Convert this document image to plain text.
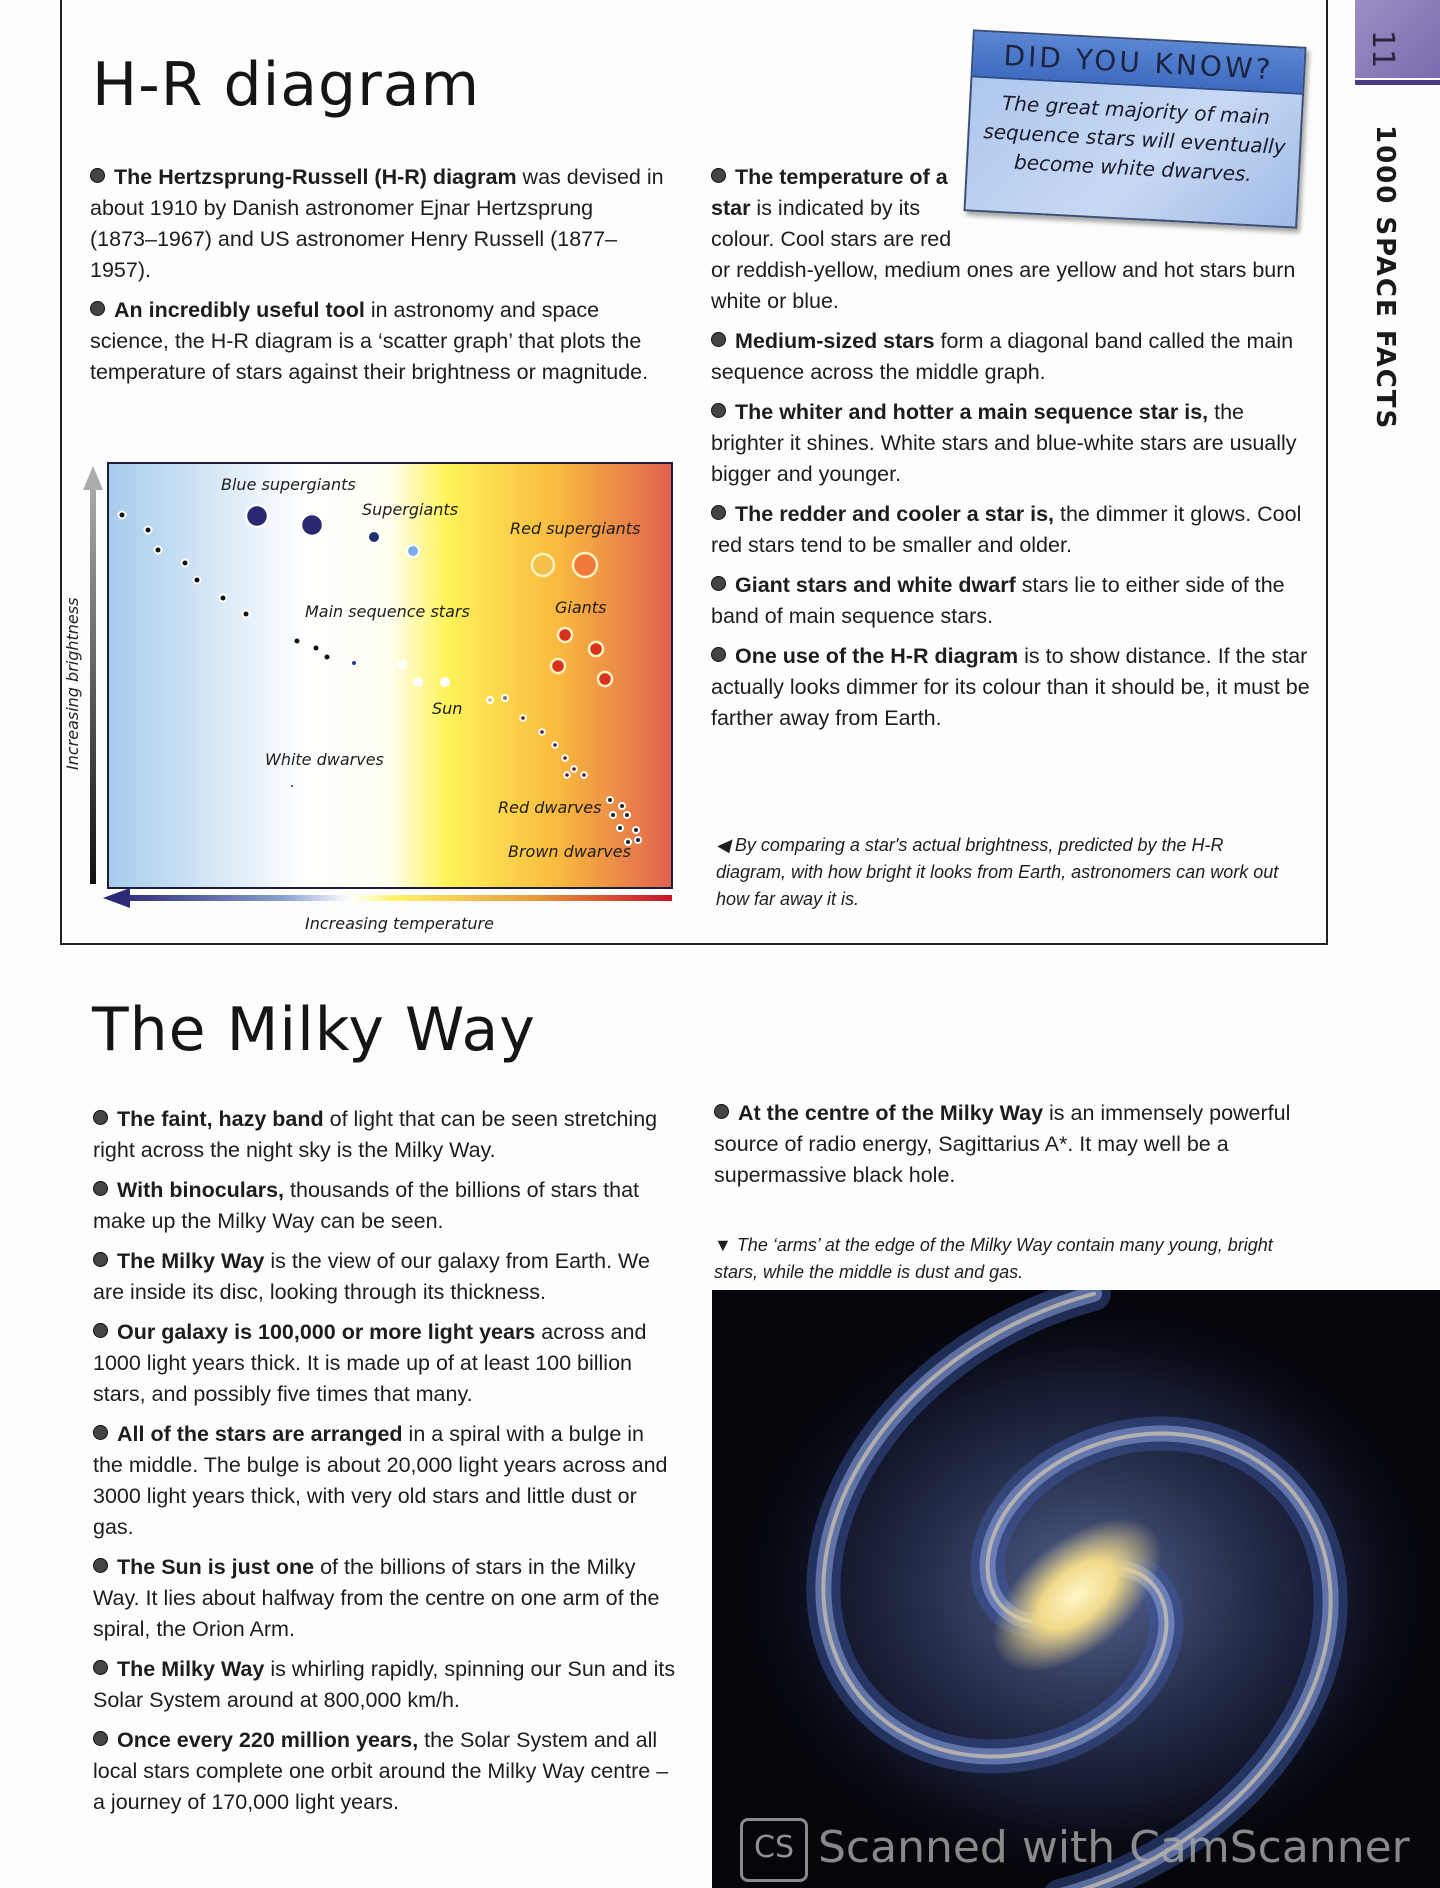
11
1000 SPACE FACTS
H-R diagram

The Hertzsprung-Russell (H-R) diagram was devised in about 1910 by Danish astronomer Ejnar Hertzsprung (1873–1967) and US astronomer Henry Russell (1877–1957).

An incredibly useful tool in astronomy and space science, the H-R diagram is a ‘scatter graph’ that plots the temperature of stars against their brightness or magnitude.

The temperature of a star is indicated by its colour. Cool stars are red or reddish-yellow, medium ones are yellow and hot stars burn white or blue.

Medium-sized stars form a diagonal band called the main sequence across the middle graph.

The whiter and hotter a main sequence star is, the brighter it shines. White stars and blue-white stars are usually bigger and younger.

The redder and cooler a star is, the dimmer it glows. Cool red stars tend to be smaller and older.

Giant stars and white dwarf stars lie to either side of the band of main sequence stars.

One use of the H-R diagram is to show distance. If the star actually looks dimmer for its colour than it should be, it must be farther away from Earth.

DID YOU KNOW?
The great majority of main sequence stars will eventually become white dwarves.
Blue supergiants
Supergiants
Red supergiants
Main sequence stars	Giants
Sun
White dwarves
Red dwarves
Brown dwarves
Increasing temperature
Increasing brightness
◀ By comparing a star's actual brightness, predicted by the H-R diagram, with how bright it looks from Earth, astronomers can work out how far away it is.
The Milky Way

The faint, hazy band of light that can be seen stretching right across the night sky is the Milky Way.

With binoculars, thousands of the billions of stars that make up the Milky Way can be seen.

The Milky Way is the view of our galaxy from Earth. We are inside its disc, looking through its thickness.

Our galaxy is 100,000 or more light years across and 1000 light years thick. It is made up of at least 100 billion stars, and possibly five times that many.

All of the stars are arranged in a spiral with a bulge in the middle. The bulge is about 20,000 light years across and 3000 light years thick, with very old stars and little dust or gas.

The Sun is just one of the billions of stars in the Milky Way. It lies about halfway from the centre on one arm of the spiral, the Orion Arm.

The Milky Way is whirling rapidly, spinning our Sun and its Solar System around at 800,000 km/h.

Once every 220 million years, the Solar System and all local stars complete one orbit around the Milky Way centre – a journey of 170,000 light years.

At the centre of the Milky Way is an immensely powerful source of radio energy, Sagittarius A*. It may well be a supermassive black hole.

▼ The ‘arms’ at the edge of the Milky Way contain many young, bright stars, while the middle is dust and gas.
CS Scanned with CamScanner
